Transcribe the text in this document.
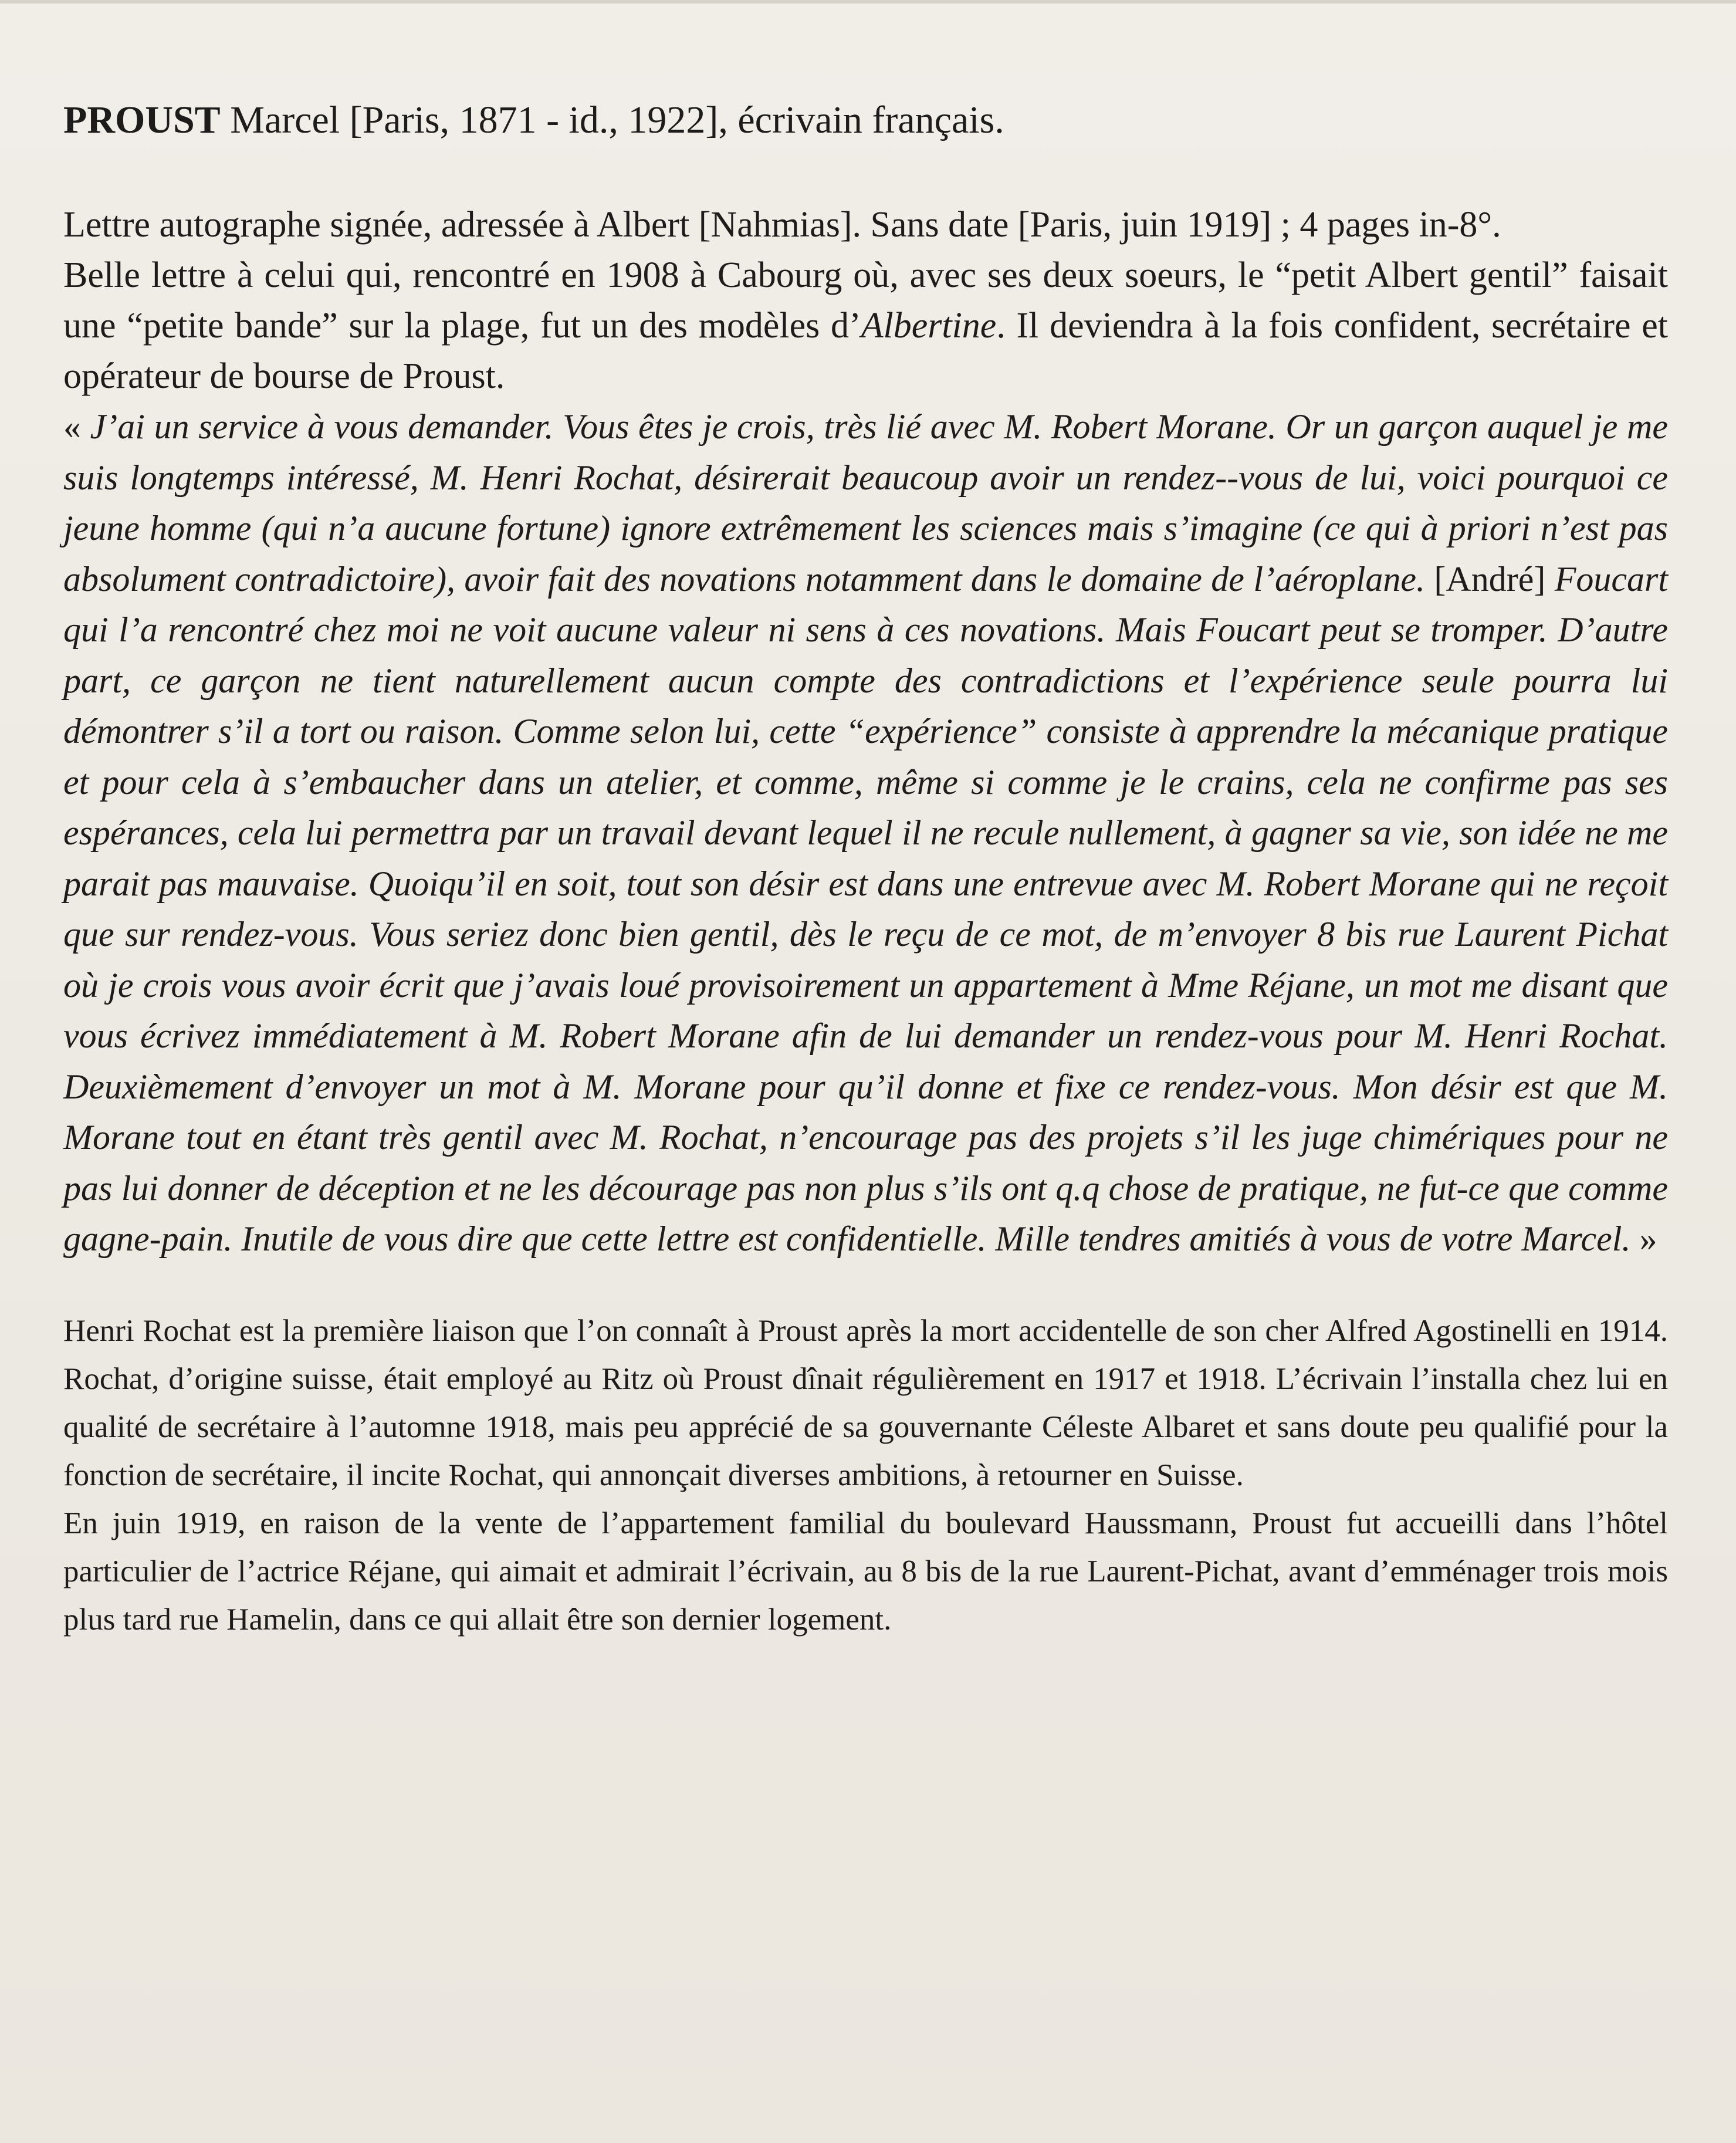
PROUST Marcel [Paris, 1871 - id., 1922], écrivain français.

Lettre autographe signée, adressée à Albert [Nahmias]. Sans date [Paris, juin 1919] ; 4 pages in-8°.

Belle lettre à celui qui, rencontré en 1908 à Cabourg où, avec ses deux soeurs, le “petit Albert gentil” faisait une “petite bande” sur la plage, fut un des modèles d’Albertine. Il deviendra à la fois confident, secrétaire et opérateur de bourse de Proust.

« J’ai un service à vous demander. Vous êtes je crois, très lié avec M. Robert Morane. Or un garçon auquel je me suis longtemps intéressé, M. Henri Rochat, désirerait beaucoup avoir un rendez--vous de lui, voici pourquoi ce jeune homme (qui n’a aucune fortune) ignore extrêmement les sciences mais s’imagine (ce qui à priori n’est pas absolument contradictoire), avoir fait des novations notamment dans le domaine de l’aéroplane. [André] Foucart qui l’a rencontré chez moi ne voit aucune valeur ni sens à ces novations. Mais Foucart peut se tromper. D’autre part, ce garçon ne tient naturellement aucun compte des contradictions et l’expérience seule pourra lui démontrer s’il a tort ou raison. Comme selon lui, cette “expérience” consiste à apprendre la mécanique pratique et pour cela à s’embaucher dans un atelier, et comme, même si comme je le crains, cela ne confirme pas ses espérances, cela lui permettra par un travail devant lequel il ne recule nullement, à gagner sa vie, son idée ne me parait pas mauvaise. Quoiqu’il en soit, tout son désir est dans une entrevue avec M. Robert Morane qui ne reçoit que sur rendez-vous. Vous seriez donc bien gentil, dès le reçu de ce mot, de m’envoyer 8 bis rue Laurent Pichat où je crois vous avoir écrit que j’avais loué provisoirement un appartement à Mme Réjane, un mot me disant que vous écrivez immédiatement à M. Robert Morane afin de lui demander un rendez-vous pour M. Henri Rochat. Deuxièmement d’envoyer un mot à M. Morane pour qu’il donne et fixe ce rendez-vous. Mon désir est que M. Morane tout en étant très gentil avec M. Rochat, n’encourage pas des projets s’il les juge chimériques pour ne pas lui donner de déception et ne les décourage pas non plus s’ils ont q.q chose de pratique, ne fut-ce que comme gagne-pain. Inutile de vous dire que cette lettre est confidentielle. Mille tendres amitiés à vous de votre Marcel. »

Henri Rochat est la première liaison que l’on connaît à Proust après la mort accidentelle de son cher Alfred Agostinelli en 1914. Rochat, d’origine suisse, était employé au Ritz où Proust dînait régulièrement en 1917 et 1918. L’écrivain l’installa chez lui en qualité de secrétaire à l’automne 1918, mais peu apprécié de sa gouvernante Céleste Albaret et sans doute peu qualifié pour la fonction de secrétaire, il incite Rochat, qui annonçait diverses ambitions, à retourner en Suisse.

En juin 1919, en raison de la vente de l’appartement familial du boulevard Haussmann, Proust fut accueilli dans l’hôtel particulier de l’actrice Réjane, qui aimait et admirait l’écrivain, au 8 bis de la rue Laurent-Pichat, avant d’emménager trois mois plus tard rue Hamelin, dans ce qui allait être son dernier logement.
